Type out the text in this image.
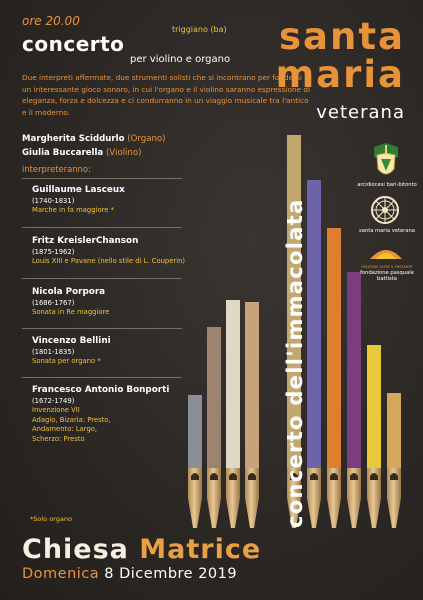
ore 20.00
concerto
per violino e organo
triggiano (ba)
Due interpreti affermate, due strumenti solisti che si incontrano per fondersi in un interessante gioco sonoro, in cui l'organo e il violino saranno espressione di eleganza, forza e dolcezza e ci condurranno in un viaggio musicale tra l'antico e il moderno.
Margherita Sciddurlo (Organo)
Giulia Buccarella (Violino)
interpreteranno:
Guillaume Lasceux
(1740-1831)
Marche in fa maggiore *
Fritz KreislerChanson
(1875-1962)
Louis XIII e Pavane (nello stile di L. Couperin)
Nicola Porpora
(1686-1767)
Sonata in Re maggiore
Vincenzo Bellini
(1801-1835)
Sonata per organo *
Francesco Antonio Bonporti
(1672-1749)
Invenzione VII
Adagio, Bizaria: Presto,
Andamento: Largo,
Scherzo: Presto
*Solo organo
Chiesa Matrice
Domenica 8 Dicembre 2019
santa
maria
veterana
concerto dell'immacolata
arcidiocesi bari-bitonto
santa maria veterana
PASSIONE OLTRE IL PRESENTE
fondazione pasquale battista
